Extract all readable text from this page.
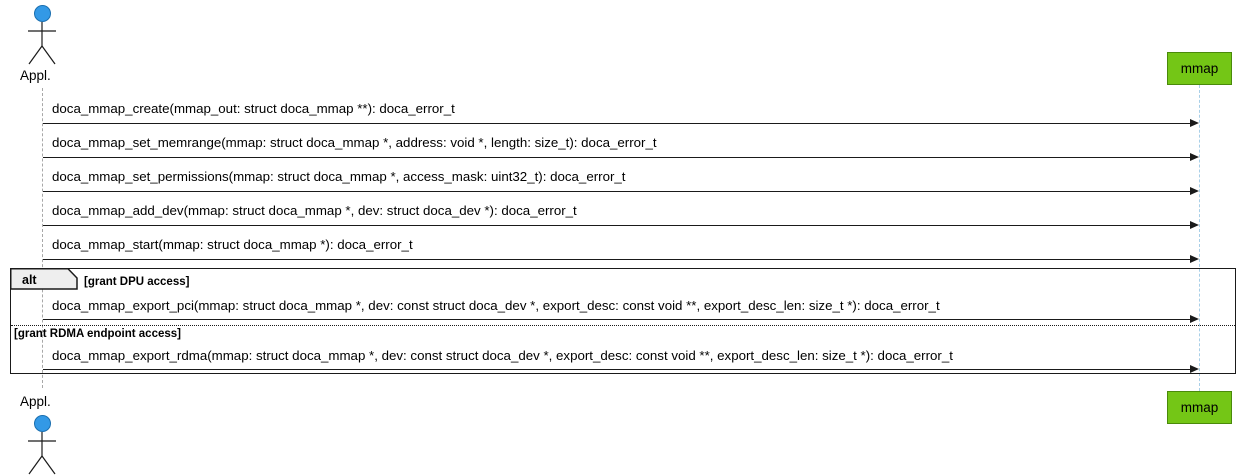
Appl.	mmap
doca_mmap_create(mmap_out: struct doca_mmap **): doca_error_t
doca_mmap_set_memrange(mmap: struct doca_mmap *, address: void *, length: size_t): doca_error_t
doca_mmap_set_permissions(mmap: struct doca_mmap *, access_mask: uint32_t): doca_error_t
doca_mmap_add_dev(mmap: struct doca_mmap *, dev: struct doca_dev *): doca_error_t
doca_mmap_start(mmap: struct doca_mmap *): doca_error_t
alt	[grant DPU access]
doca_mmap_export_pci(mmap: struct doca_mmap *, dev: const struct doca_dev *, export_desc: const void **, export_desc_len: size_t *): doca_error_t
[grant RDMA endpoint access]
doca_mmap_export_rdma(mmap: struct doca_mmap *, dev: const struct doca_dev *, export_desc: const void **, export_desc_len: size_t *): doca_error_t
Appl.	mmap
